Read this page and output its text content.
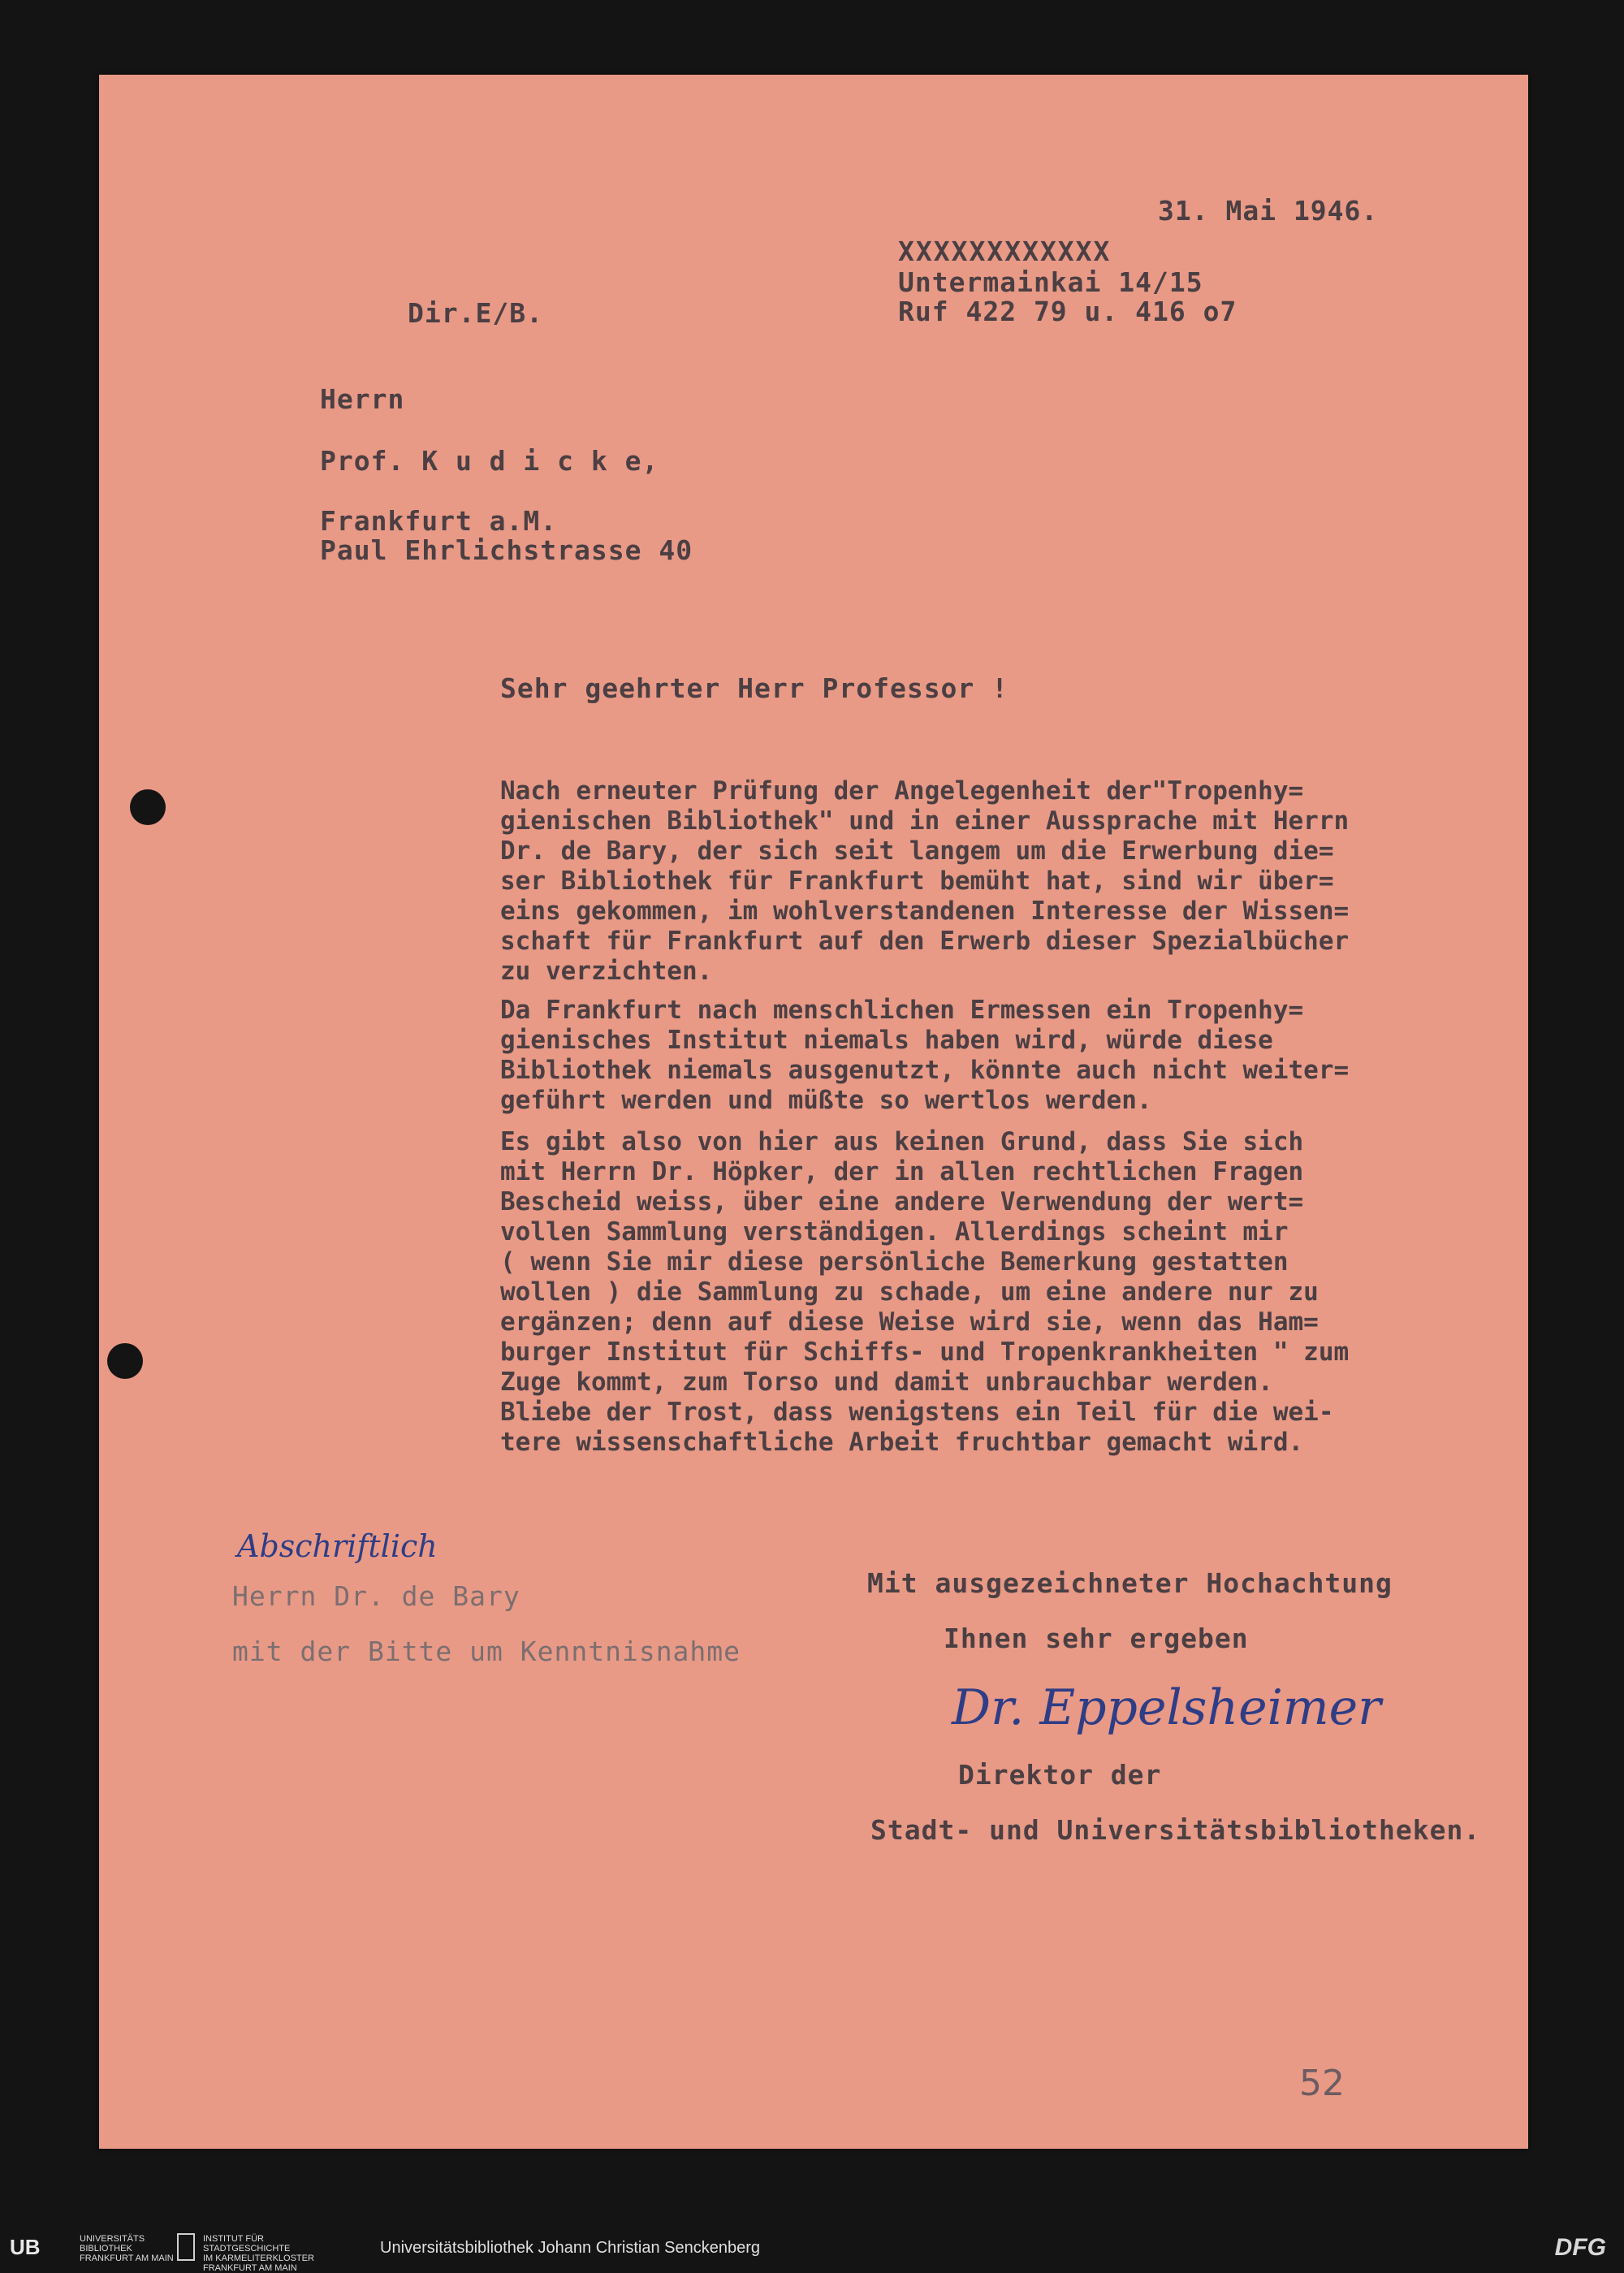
31. Mai 1946.

XXXXXXXXXXXX

Untermainkai 14/15

Ruf 422 79 u. 416 o7

Dir.E/B.

Herrn

Prof. K u d i c k e,

Frankfurt a.M.

Paul Ehrlichstrasse 40

Sehr geehrter Herr Professor !

Nach erneuter Prüfung der Angelegenheit der"Tropenhy=
gienischen Bibliothek" und in einer Aussprache mit Herrn
Dr. de Bary, der sich seit langem um die Erwerbung die=
ser Bibliothek für Frankfurt bemüht hat, sind wir über=
eins gekommen, im wohlverstandenen Interesse der Wissen=
schaft für Frankfurt auf den Erwerb dieser Spezialbücher
zu verzichten.
Da Frankfurt nach menschlichen Ermessen ein Tropenhy=
gienisches Institut niemals haben wird, würde diese
Bibliothek niemals ausgenutzt, könnte auch nicht weiter=
geführt werden und müßte so wertlos werden.
Es gibt also von hier aus keinen Grund, dass Sie sich
mit Herrn Dr. Höpker, der in allen rechtlichen Fragen
Bescheid weiss, über eine andere Verwendung der wert=
vollen Sammlung verständigen. Allerdings scheint mir
( wenn Sie mir diese persönliche Bemerkung gestatten
wollen ) die Sammlung zu schade, um eine andere nur zu
ergänzen; denn auf diese Weise wird sie, wenn das Ham=
burger Institut für Schiffs- und Tropenkrankheiten " zum
Zuge kommt, zum Torso und damit unbrauchbar werden.
Bliebe der Trost, dass wenigstens ein Teil für die wei-
tere wissenschaftliche Arbeit fruchtbar gemacht wird.
Abschriftlich

Herrn Dr. de Bary

mit der Bitte um Kenntnisnahme

Mit ausgezeichneter Hochachtung

Ihnen sehr ergeben

Dr. Eppelsheimer

Direktor der

Stadt- und Universitätsbibliotheken.

52
UB	UNIVERSITÄTS
BIBLIOTHEK
FRANKFURT AM MAIN
INSTITUT FÜR
STADTGESCHICHTE
IM KARMELITERKLOSTER
FRANKFURT AM MAIN
Universitätsbibliothek Johann Christian Senckenberg	DFG
